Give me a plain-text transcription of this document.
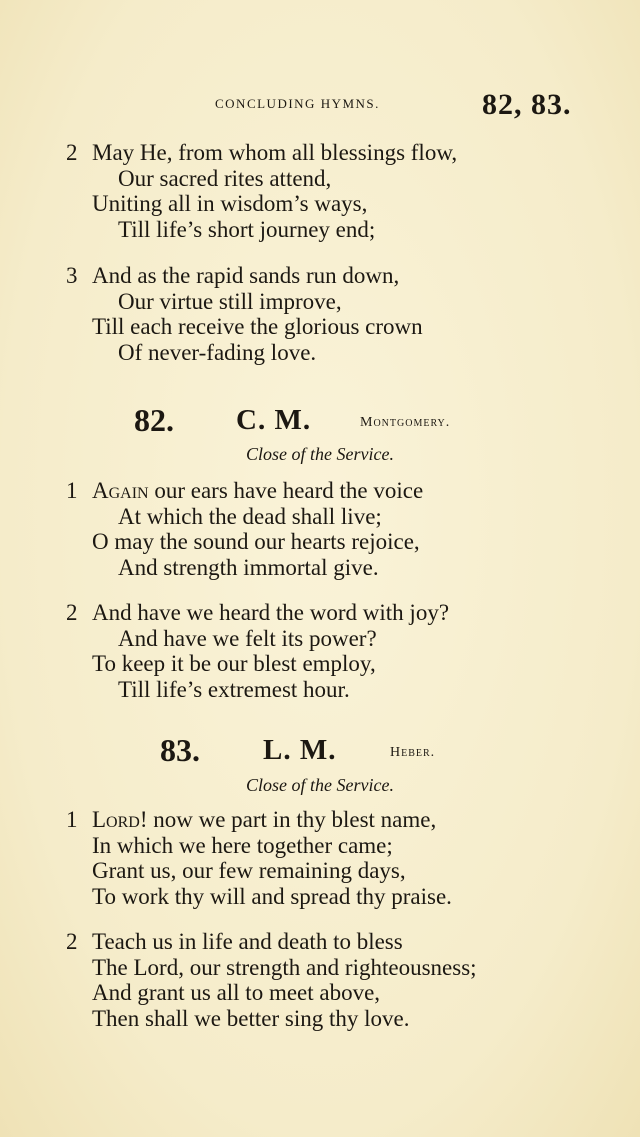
CONCLUDING HYMNS.	82, 83.
2 May He, from whom all blessings flow,
Our sacred rites attend,
Uniting all in wisdom’s ways,
Till life’s short journey end;
3 And as the rapid sands run down,
Our virtue still improve,
Till each receive the glorious crown
Of never-fading love.
82. C. M.	Montgomery.
Close of the Service.
1 Again our ears have heard the voice
At which the dead shall live;
O may the sound our hearts rejoice,
And strength immortal give.
2 And have we heard the word with joy?
And have we felt its power?
To keep it be our blest employ,
Till life’s extremest hour.
83. L. M.	Heber.
Close of the Service.
1 Lord! now we part in thy blest name,
In which we here together came;
Grant us, our few remaining days,
To work thy will and spread thy praise.
2 Teach us in life and death to bless
The Lord, our strength and righteousness;
And grant us all to meet above,
Then shall we better sing thy love.
